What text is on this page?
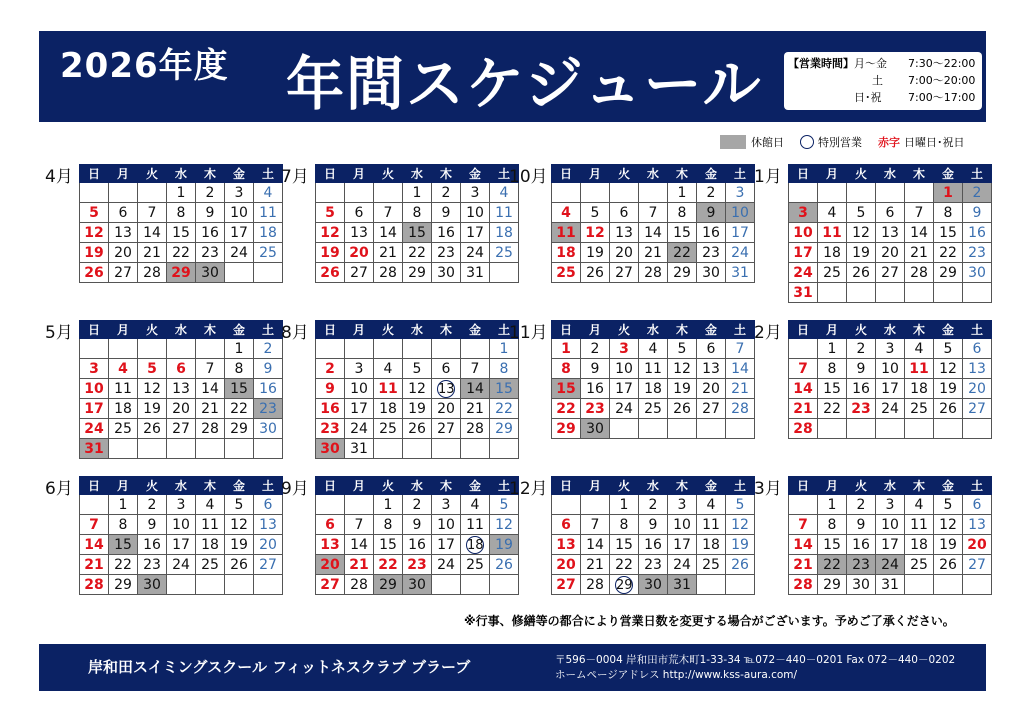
2026年度 年間スケジュール 【営業時間】 月～金 7:30～22:00
土 7:00～20:00
日･祝 7:00～17:00
休館日	特別営業 赤字 日曜日･祝日
4月 日	月	火	水	木	金	土
			1	2	3	4
5	6	7	8	9	10	11
12	13	14	15	16	17	18
19	20	21	22	23	24	25
26	27	28	29	30		
5月 日	月	火	水	木	金	土
					1	2
3	4	5	6	7	8	9
10	11	12	13	14	15	16
17	18	19	20	21	22	23
24	25	26	27	28	29	30
31						
6月 日	月	火	水	木	金	土
	1	2	3	4	5	6
7	8	9	10	11	12	13
14	15	16	17	18	19	20
21	22	23	24	25	26	27
28	29	30				
7月 日	月	火	水	木	金	土
			1	2	3	4
5	6	7	8	9	10	11
12	13	14	15	16	17	18
19	20	21	22	23	24	25
26	27	28	29	30	31	
8月 日	月	火	水	木	金	土
						1
2	3	4	5	6	7	8
9	10	11	12	13	14	15
16	17	18	19	20	21	22
23	24	25	26	27	28	29
30	31					
9月 日	月	火	水	木	金	土
		1	2	3	4	5
6	7	8	9	10	11	12
13	14	15	16	17	18	19
20	21	22	23	24	25	26
27	28	29	30			
10月 日	月	火	水	木	金	土
				1	2	3
4	5	6	7	8	9	10
11	12	13	14	15	16	17
18	19	20	21	22	23	24
25	26	27	28	29	30	31
11月 日	月	火	水	木	金	土
1	2	3	4	5	6	7
8	9	10	11	12	13	14
15	16	17	18	19	20	21
22	23	24	25	26	27	28
29	30					
12月 日	月	火	水	木	金	土
		1	2	3	4	5
6	7	8	9	10	11	12
13	14	15	16	17	18	19
20	21	22	23	24	25	26
27	28	29	30	31		
1月 日	月	火	水	木	金	土
					1	2
3	4	5	6	7	8	9
10	11	12	13	14	15	16
17	18	19	20	21	22	23
24	25	26	27	28	29	30
31						
2月 日	月	火	水	木	金	土
	1	2	3	4	5	6
7	8	9	10	11	12	13
14	15	16	17	18	19	20
21	22	23	24	25	26	27
28						
3月 日	月	火	水	木	金	土
	1	2	3	4	5	6
7	8	9	10	11	12	13
14	15	16	17	18	19	20
21	22	23	24	25	26	27
28	29	30	31			
※行事、修繕等の都合により営業日数を変更する場合がございます。予めご了承ください。
岸和田スイミングスクール フィットネスクラブ ブラーブ	〒596－0004 岸和田市荒木町1-33-34 ℡072－440－0201 Fax 072－440－0202
ホームページアドレス http://www.kss-aura.com/
